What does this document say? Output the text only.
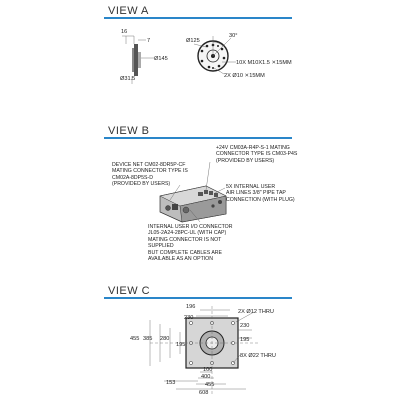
VIEW A
16
7
Ø145
Ø31.5
Ø125
30°
10X M10X1.5 ⨯15MM
2X Ø10 ⨯15MM
196
230
455 385 280
195
230
195
2X Ø12 THRU
8X Ø22 THRU
100
400
153	455
608
VIEW B
DEVICE NET CM02-8DR5P-CF
MATING CONNECTOR TYPE IS
CM02A-8DP5S-D
(PROVIDED BY USERS)
+24V CM03A-R4P-S-1 MATING
CONNECTOR TYPE IS CM03-P4S
(PROVIDED BY USERS)
5X INTERNAL USER
AIR LINES 3/8" PIPE TAP
CONNECTION (WITH PLUG)
INTERNAL USER I/O CONNECTOR
JL05-2A24-28PC-UL (WITH CAP)
MATING CONNECTOR IS NOT SUPPLIED
BUT COMPLETE CABLES ARE
AVAILABLE AS AN OPTION
VIEW C
